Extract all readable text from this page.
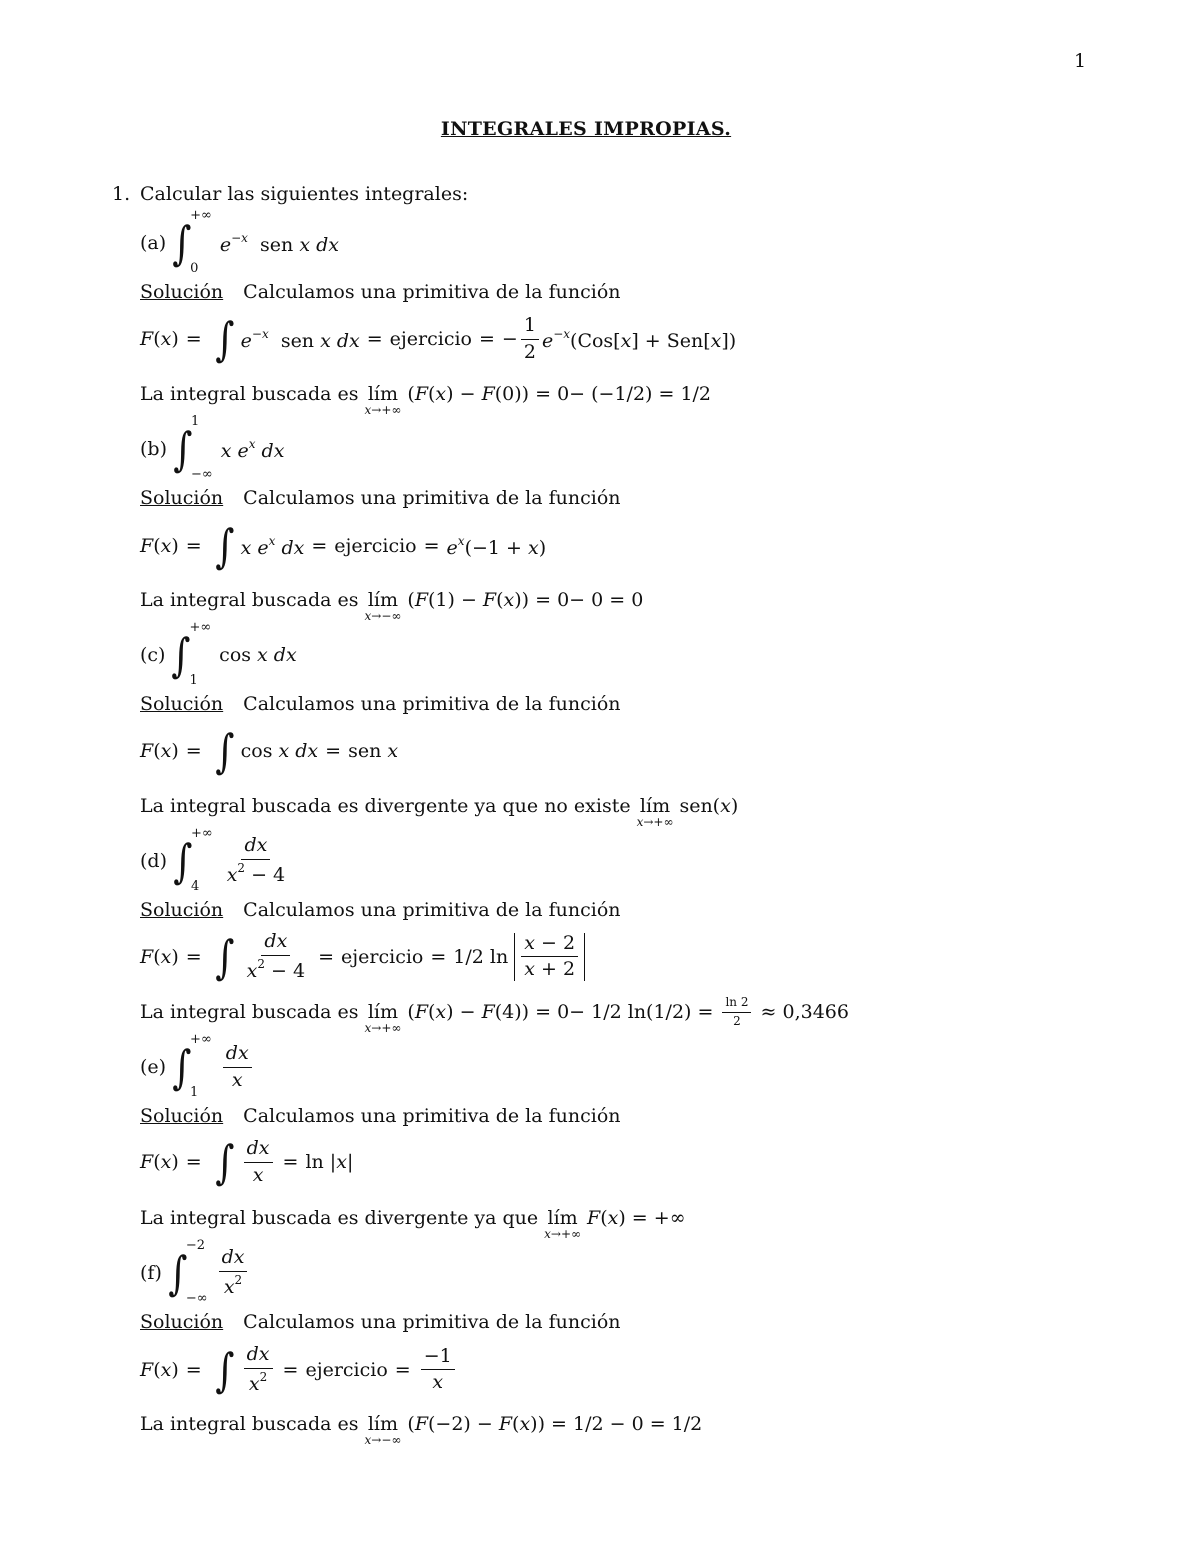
1
INTEGRALES IMPROPIAS.
1. Calcular las siguientes integrales:
(a) ∫
+∞
0
$e^{-x}$  sen x dx
Solución Calculamos una primitiva de la función
F(x) = ∫ $e^{-x}$  sen x dx = ejercicio = − $\frac{1}{2} e^{-x}(Cos[x] + Sen[x])$
La integral buscada es lím
x→+∞
(F(x) − F(0)) = 0− (−1/2) = 1/2
(b) ∫
1
−∞
x $e^x$ dx
Solución Calculamos una primitiva de la función
F(x) = ∫ x $e^x$ dx = ejercicio = $e^x(-1 + x)$
La integral buscada es lím
x→−∞
(F(1) − F(x)) = 0− 0 = 0
(c) ∫
+∞
1
cos x dx
Solución Calculamos una primitiva de la función
F(x) = ∫ cos x dx = sen x
La integral buscada es divergente ya que no existe lím
x→+∞
sen(x)
(d) ∫
+∞
4	$\frac{dx}{x^2 - 4}$
Solución Calculamos una primitiva de la función
F(x) = ∫ $\frac{dx}{x^2 - 4}$ = ejercicio = 1/2 $\ln \frac{x - 2}{x + 2}$
La integral buscada es lím
x→+∞
(F(x) − F(4)) = 0− 1/2 $\ln(1/2) = \frac{\ln 2}{2} \approx 0,3466$
(e) ∫
+∞
1
$\frac{dx}{x}$
Solución Calculamos una primitiva de la función
F(x) = ∫ $\frac{dx}{x} = \ln |x|$
La integral buscada es divergente ya que lím
x→+∞
F(x) = +∞
(f) ∫
−2
−∞ $\frac{dx}{x^2}$
Solución Calculamos una primitiva de la función
F(x) = ∫ $\frac{dx}{x^2}$ = ejercicio = $\frac{-1}{x}$
La integral buscada es lím
x→−∞
(F(−2) − F(x)) = 1/2 − 0 = 1/2
